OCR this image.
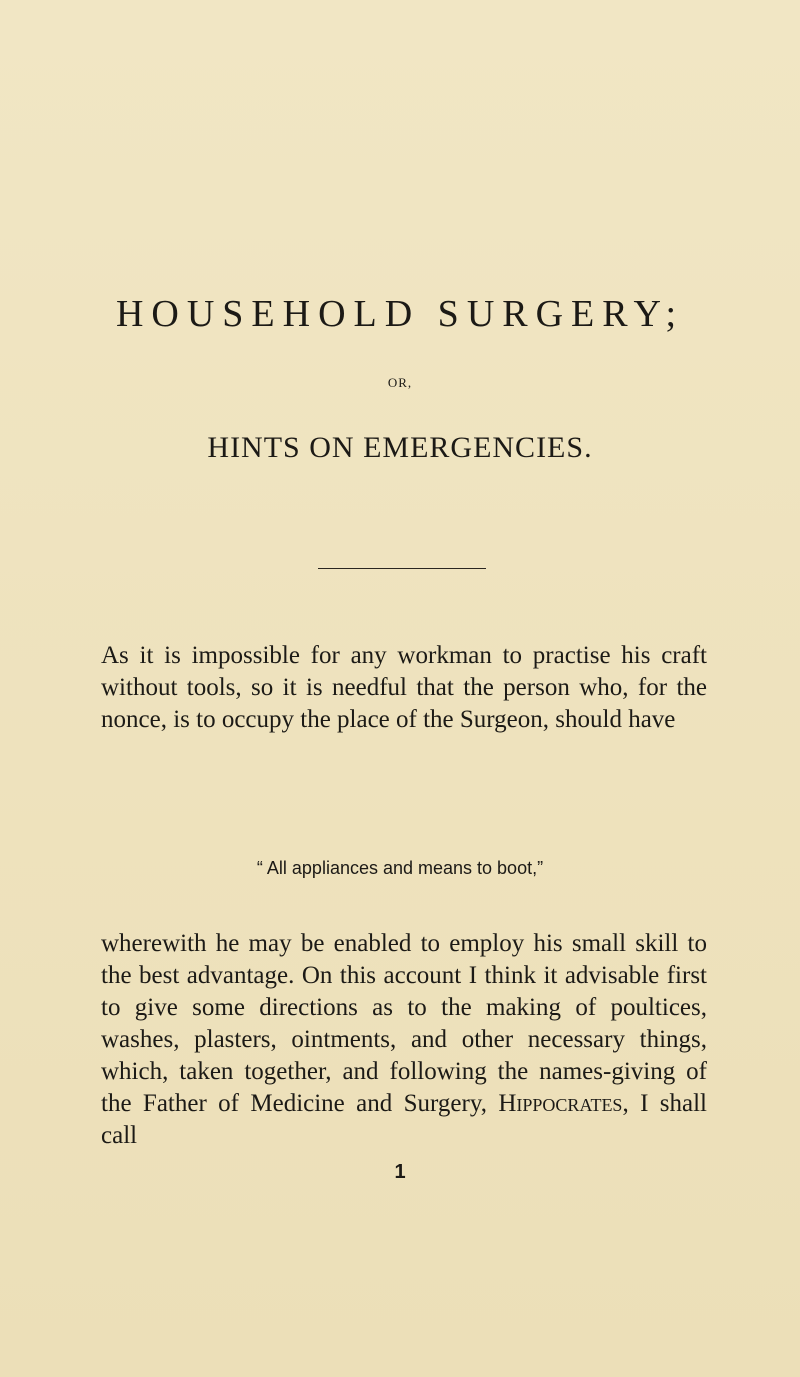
HOUSEHOLD SURGERY;
OR,
HINTS ON EMERGENCIES.

As it is impossible for any workman to practise his craft without tools, so it is needful that the person who, for the nonce, is to occupy the place of the Surgeon, should have

“ All appliances and means to boot,”

wherewith he may be enabled to employ his small skill to the best advantage. On this account I think it advisable first to give some directions as to the making of poultices, washes, plasters, ointments, and other necessary things, which, taken together, and following the names-giving of the Father of Medicine and Surgery, Hippocrates, I shall call

1
